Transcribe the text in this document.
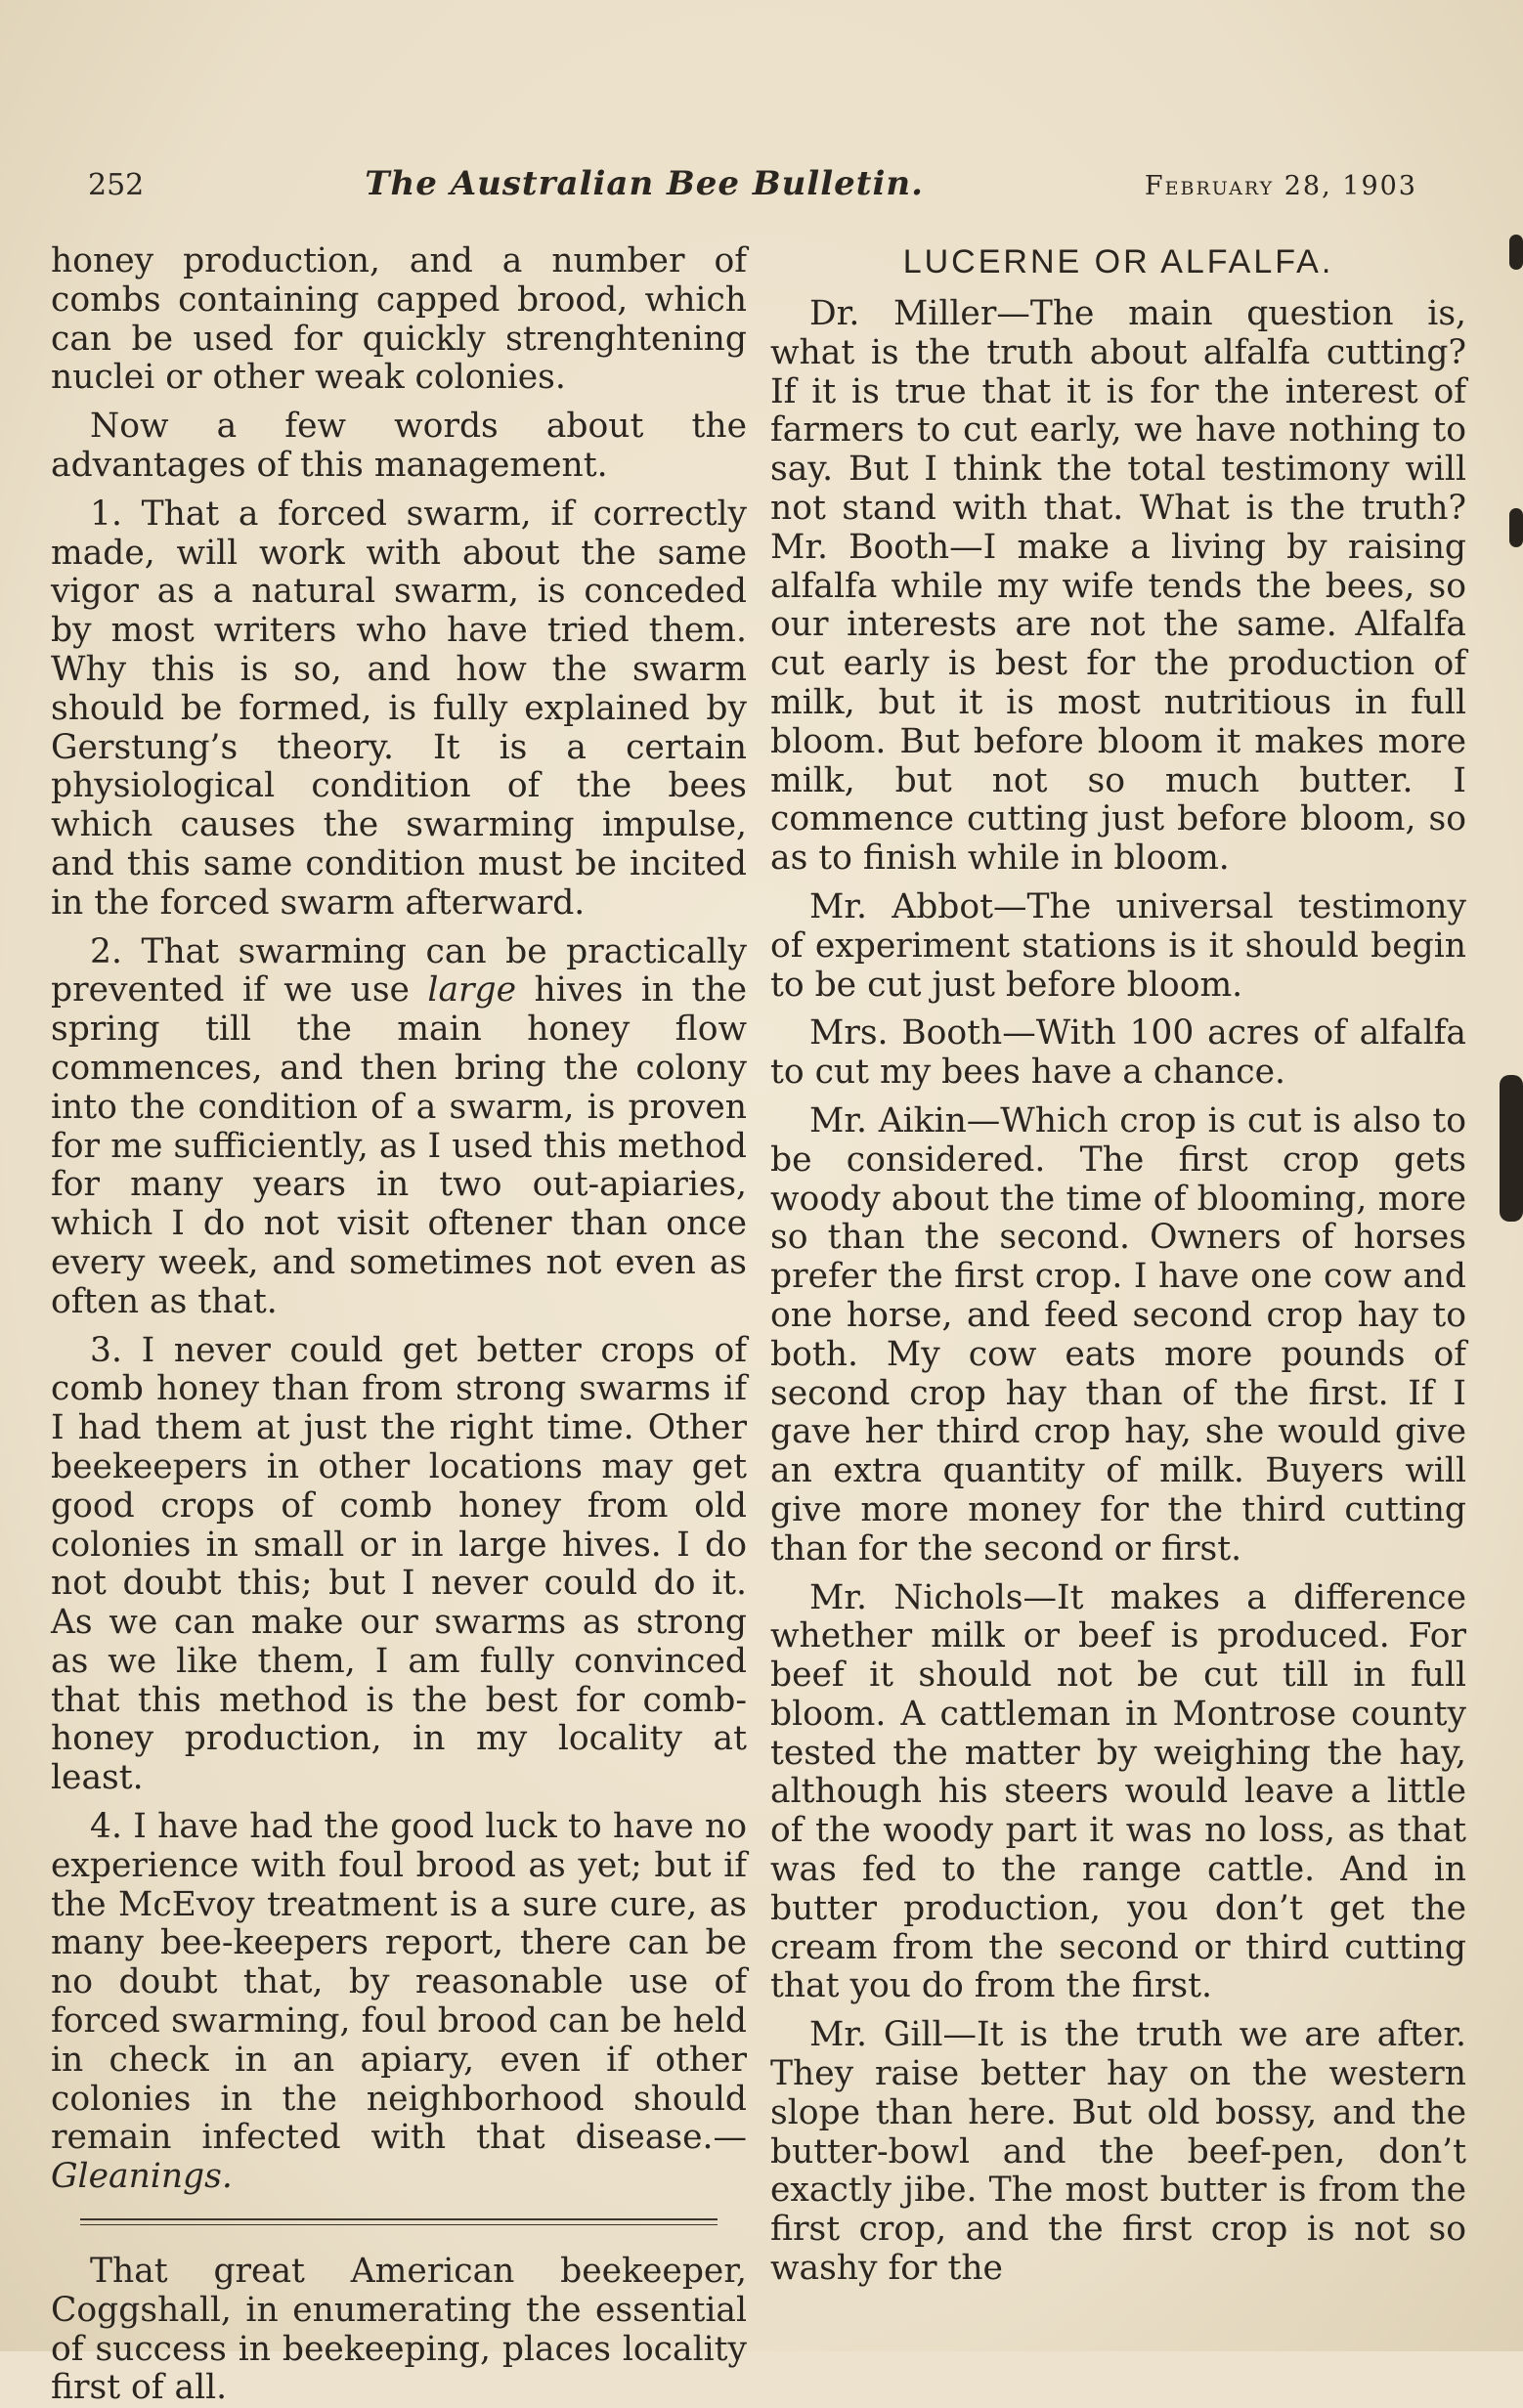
252	The Australian Bee Bulletin.	February 28, 1903

honey production, and a number of combs containing capped brood, which can be used for quickly strenghtening nuclei or other weak colonies.

Now a few words about the advantages of this management.

1. That a forced swarm, if correctly made, will work with about the same vigor as a natural swarm, is conceded by most writers who have tried them. Why this is so, and how the swarm should be formed, is fully explained by Gerstung’s theory. It is a certain physiological condition of the bees which causes the swarming impulse, and this same condition must be incited in the forced swarm afterward.

2. That swarming can be practically prevented if we use large hives in the spring till the main honey flow commences, and then bring the colony into the condition of a swarm, is proven for me sufficiently, as I used this method for many years in two out-apiaries, which I do not visit oftener than once every week, and sometimes not even as often as that.

3. I never could get better crops of comb honey than from strong swarms if I had them at just the right time. Other beekeepers in other locations may get good crops of comb honey from old colonies in small or in large hives. I do not doubt this; but I never could do it. As we can make our swarms as strong as we like them, I am fully convinced that this method is the best for comb-honey production, in my locality at least.

4. I have had the good luck to have no experience with foul brood as yet; but if the McEvoy treatment is a sure cure, as many bee-keepers report, there can be no doubt that, by reasonable use of forced swarming, foul brood can be held in check in an apiary, even if other colonies in the neighborhood should remain infected with that disease.—Gleanings.

That great American beekeeper, Coggshall, in enumerating the essential of success in beekeeping, places locality first of all.

LUCERNE OR ALFALFA.

Dr. Miller—The main question is, what is the truth about alfalfa cutting? If it is true that it is for the interest of farmers to cut early, we have nothing to say. But I think the total testimony will not stand with that. What is the truth? Mr. Booth—I make a living by raising alfalfa while my wife tends the bees, so our interests are not the same. Alfalfa cut early is best for the production of milk, but it is most nutritious in full bloom. But before bloom it makes more milk, but not so much butter. I commence cutting just before bloom, so as to finish while in bloom.

Mr. Abbot—The universal testimony of experiment stations is it should begin to be cut just before bloom.

Mrs. Booth—With 100 acres of alfalfa to cut my bees have a chance.

Mr. Aikin—Which crop is cut is also to be considered. The first crop gets woody about the time of blooming, more so than the second. Owners of horses prefer the first crop. I have one cow and one horse, and feed second crop hay to both. My cow eats more pounds of second crop hay than of the first. If I gave her third crop hay, she would give an extra quantity of milk. Buyers will give more money for the third cutting than for the second or first.

Mr. Nichols—It makes a difference whether milk or beef is produced. For beef it should not be cut till in full bloom. A cattleman in Montrose county tested the matter by weighing the hay, although his steers would leave a little of the woody part it was no loss, as that was fed to the range cattle. And in butter production, you don’t get the cream from the second or third cutting that you do from the first.

Mr. Gill—It is the truth we are after. They raise better hay on the western slope than here. But old bossy, and the butter-bowl and the beef-pen, don’t exactly jibe. The most butter is from the first crop, and the first crop is not so washy for the
